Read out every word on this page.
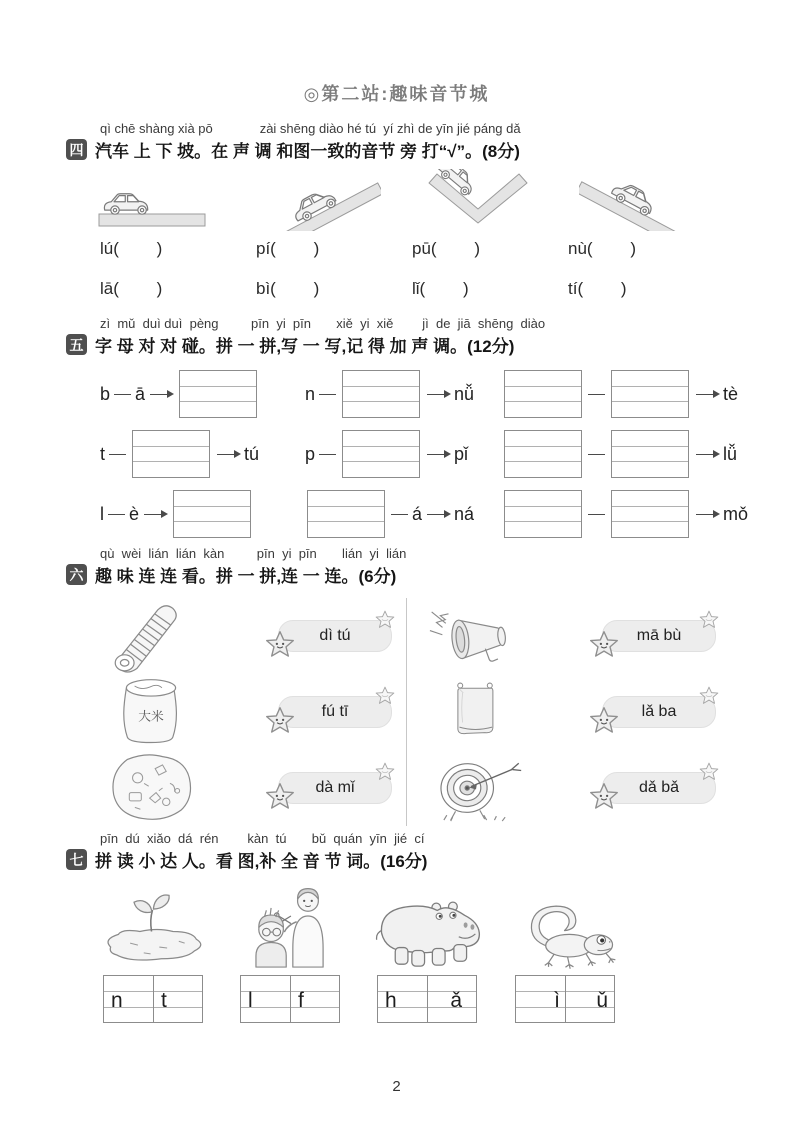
◎第二站:趣味音节城
qì chē shàng xià pō             zài shēng diào hé tú  yí zhì de yīn jié páng dǎ
四 汽车 上 下 坡。在 声 调 和图一致的音节 旁 打“√”。(8分)
lú(        )	pí(        )	pū(        )	nù(        )
lā(        )	bì(        )	lǐ(        )	tí(        )
zì  mǔ  duì duì  pèng         pīn  yi  pīn       xiě  yi  xiě        jì  de  jiā  shēng  diào
五 字 母 对 对 碰。拼 一 拼,写 一 写,记 得 加 声 调。(12分)
b ā	n	nǚ	tè
t	tú	p	pǐ	lǚ
l è	á ná	mǒ
qù  wèi  lián  lián  kàn         pīn  yi  pīn       lián  yi  lián
六 趣 味 连 连 看。拼 一 拼,连 一 连。(6分)
dì tú
fú tī
dà mǐ
mā bù
lǎ ba
dǎ bǎ
pīn  dú  xiǎo  dá  rén        kàn  tú       bǔ  quán  yīn  jié  cí
七 拼 读 小 达 人。看 图,补 全 音 节 词。(16分)
n t	l f	h	ǎ	ì ǔ
2
